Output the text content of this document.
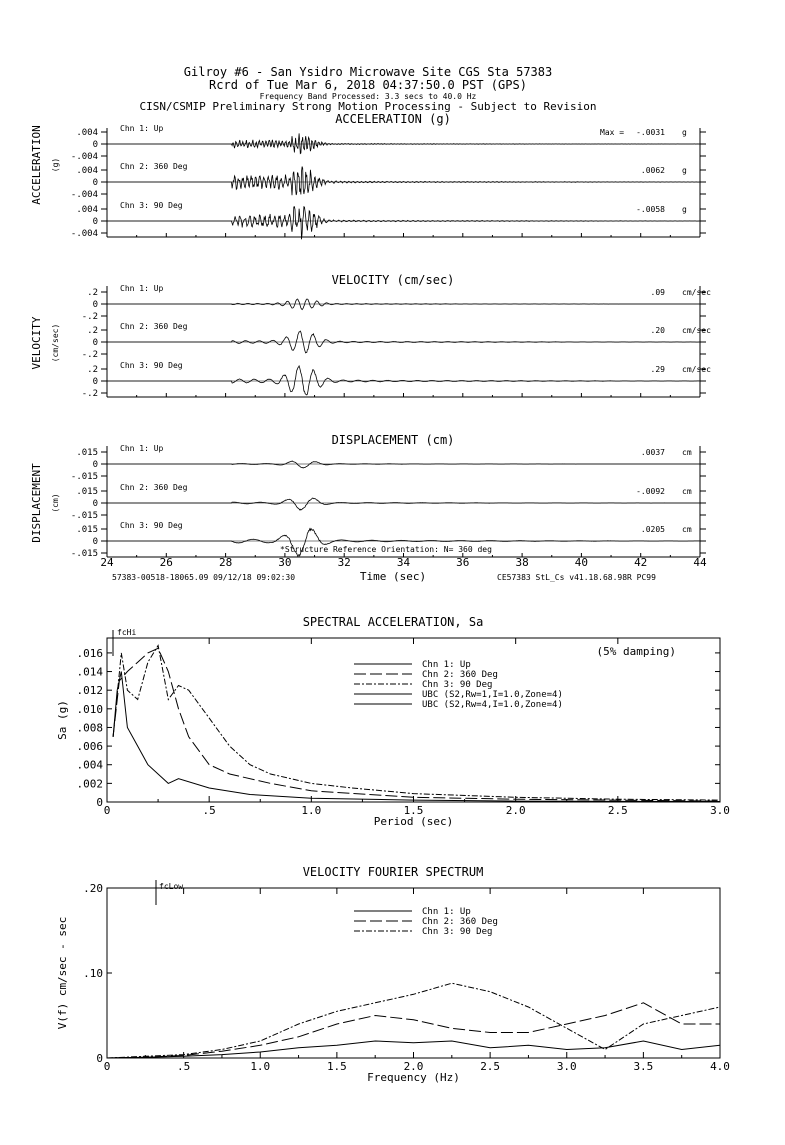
Gilroy #6 - San Ysidro Microwave Site CGS Sta 57383
Rcrd of Tue Mar 6, 2018 04:37:50.0 PST (GPS)
Frequency Band Processed: 3.3 secs to 40.0 Hz
CISN/CSMIP Preliminary Strong Motion Processing - Subject to Revision
ACCELERATION (g)
ACCELERATION (g)
.004
0
-.004
Chn 1: Up	Max = -.0031 g
.004
0
-.004
Chn 2: 360 Deg	.0062 g
.004
0
-.004
Chn 3: 90 Deg	-.0058 g
VELOCITY (cm/sec)
VELOCITY (cm/sec)
.2
0
-.2
Chn 1: Up	.09 cm/sec
.2
0
-.2
Chn 2: 360 Deg	.20 cm/sec
.2
0
-.2
Chn 3: 90 Deg	.29 cm/sec
DISPLACEMENT (cm)
DISPLACEMENT (cm)
.015
0
-.015
Chn 1: Up	.0037 cm
.015
0
-.015
Chn 2: 360 Deg	-.0092 cm
.015
0
-.015
Chn 3: 90 Deg	.0205 cm
24	26	28	30	32	34	36	38	40	42	44
*Structure Reference Orientation: N= 360 deg
Time (sec)
57383-00518-18065.09 09/12/18 09:02:30	CE57383 StL_Cs v41.18.68.98R PC99
SPECTRAL ACCELERATION, Sa
0	.5	1.0	1.5	2.0	2.5	3.0
Period (sec)
.016
.014
.012
.010
.008
.006
.004
.002
0
Sa (g)
Chn 1: Up
Chn 2: 360 Deg
Chn 3: 90 Deg
UBC (S2,Rw=1,I=1.0,Zone=4)
UBC (S2,Rw=4,I=1.0,Zone=4)
(5% damping)
fcHi
VELOCITY FOURIER SPECTRUM
0	.5	1.0	1.5	2.0	2.5	3.0	3.5	4.0
Frequency (Hz)
.20
.10
0
V(f) cm/sec - sec
Chn 1: Up
Chn 2: 360 Deg
Chn 3: 90 Deg
fcLow
